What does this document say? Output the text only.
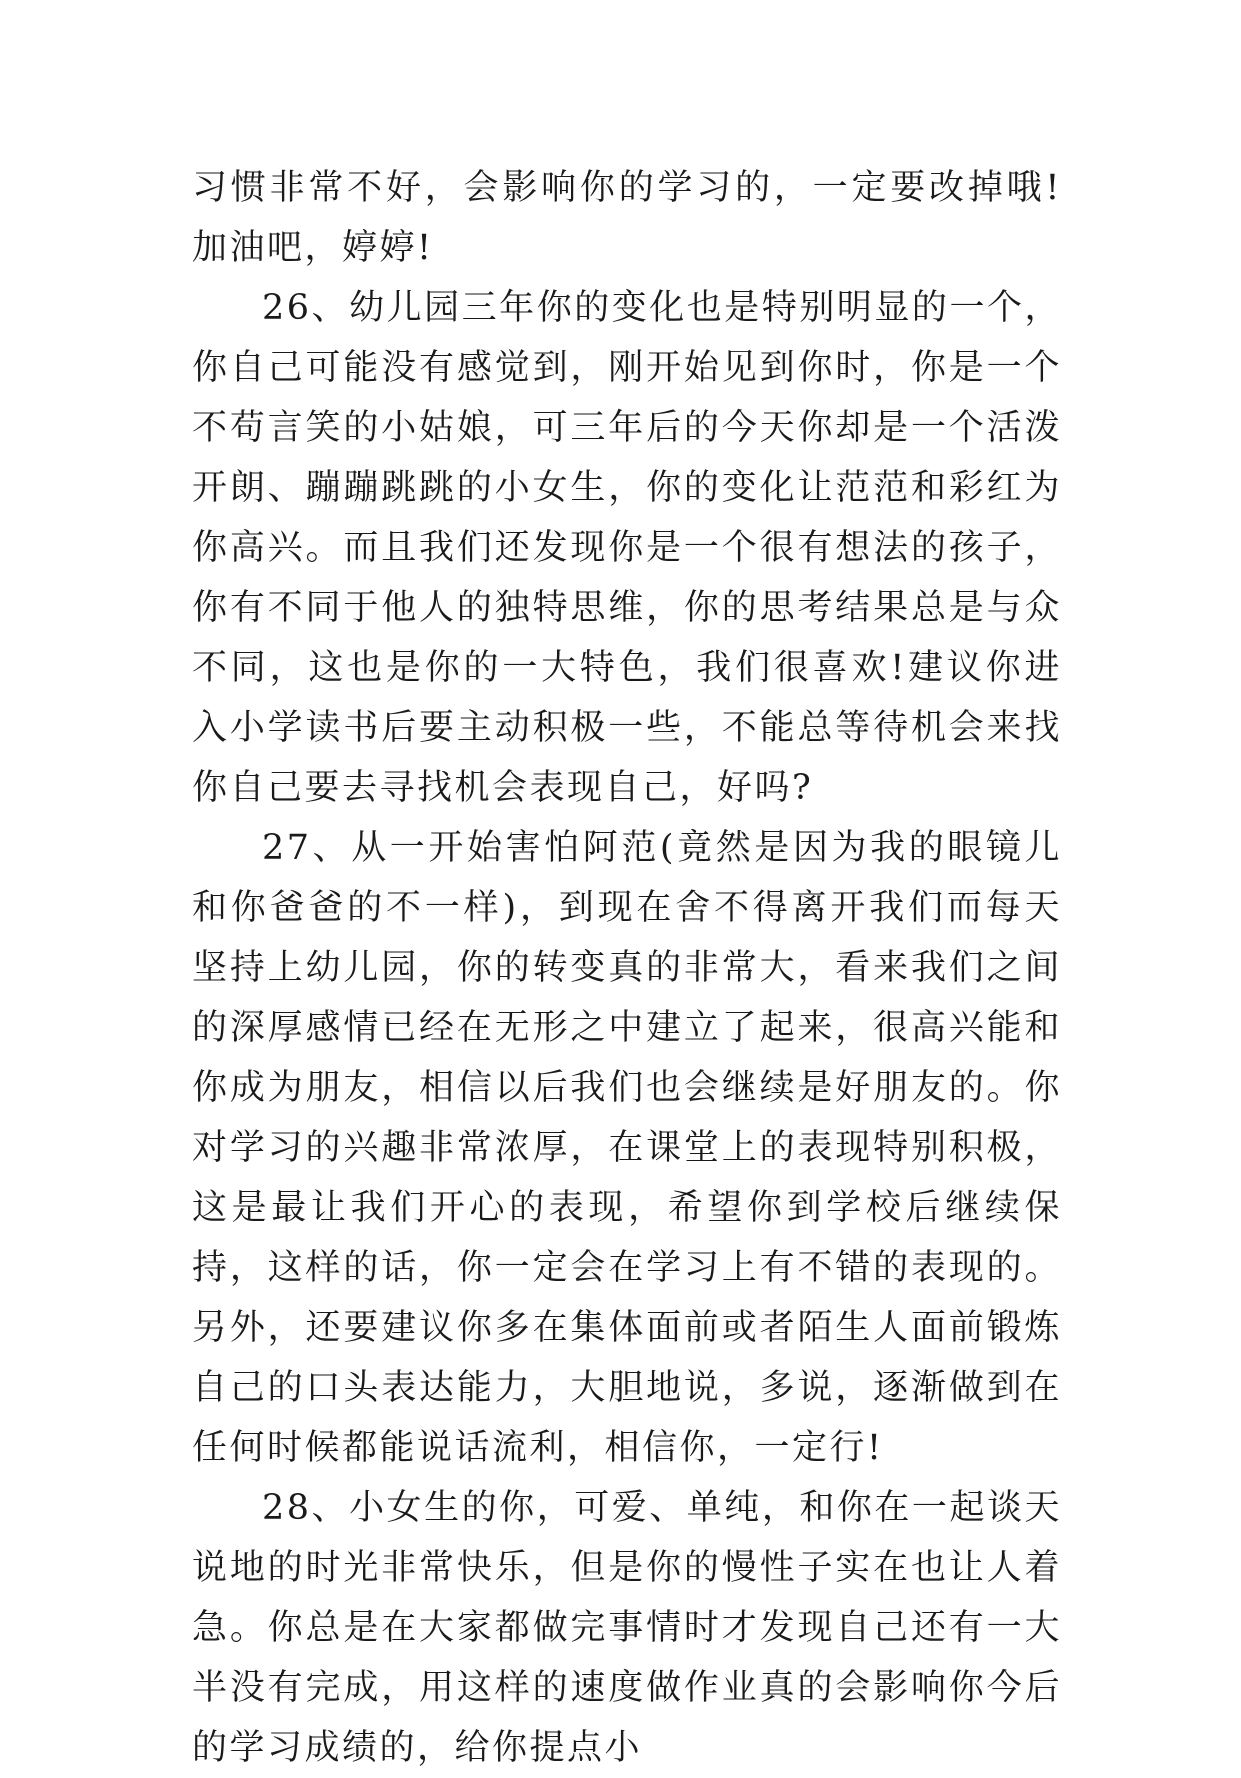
习惯非常不好，会影响你的学习的，一定要改掉哦!加油吧，婷婷!

26、幼儿园三年你的变化也是特别明显的一个，你自己可能没有感觉到，刚开始见到你时，你是一个不苟言笑的小姑娘，可三年后的今天你却是一个活泼开朗、蹦蹦跳跳的小女生，你的变化让范范和彩红为你高兴。而且我们还发现你是一个很有想法的孩子，你有不同于他人的独特思维，你的思考结果总是与众不同，这也是你的一大特色，我们很喜欢!建议你进入小学读书后要主动积极一些，不能总等待机会来找你自己要去寻找机会表现自己，好吗?

27、从一开始害怕阿范(竟然是因为我的眼镜儿和你爸爸的不一样)，到现在舍不得离开我们而每天坚持上幼儿园，你的转变真的非常大，看来我们之间的深厚感情已经在无形之中建立了起来，很高兴能和你成为朋友，相信以后我们也会继续是好朋友的。你对学习的兴趣非常浓厚，在课堂上的表现特别积极，这是最让我们开心的表现，希望你到学校后继续保持，这样的话，你一定会在学习上有不错的表现的。另外，还要建议你多在集体面前或者陌生人面前锻炼自己的口头表达能力，大胆地说，多说，逐渐做到在任何时候都能说话流利，相信你，一定行!

28、小女生的你，可爱、单纯，和你在一起谈天说地的时光非常快乐，但是你的慢性子实在也让人着急。你总是在大家都做完事情时才发现自己还有一大半没有完成，用这样的速度做作业真的会影响你今后的学习成绩的，给你提点小
